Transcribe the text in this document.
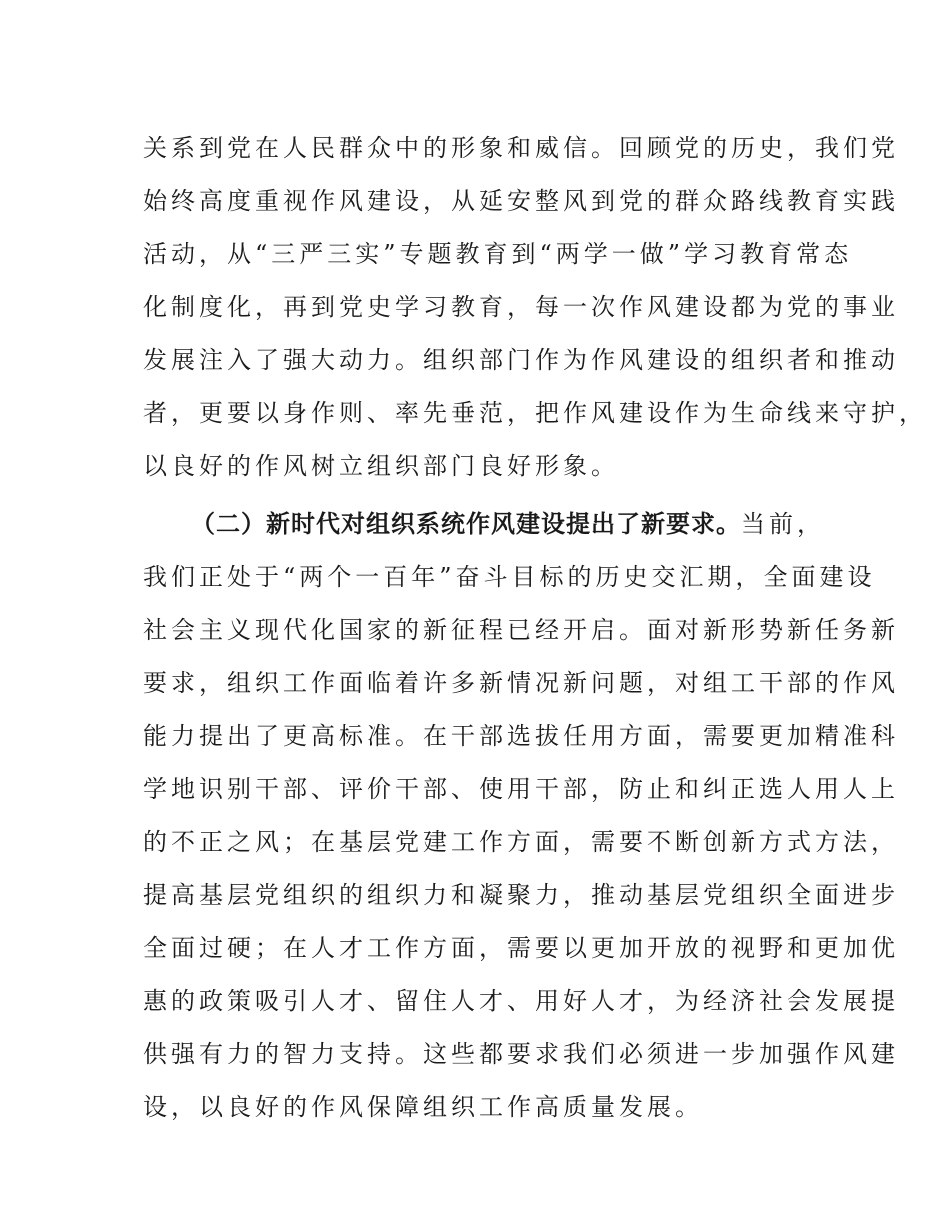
关系到党在人民群众中的形象和威信。回顾党的历史，我们党
始终高度重视作风建设，从延安整风到党的群众路线教育实践
活动，从“三严三实”专题教育到“两学一做”学习教育常态
化制度化，再到党史学习教育，每一次作风建设都为党的事业
发展注入了强大动力。组织部门作为作风建设的组织者和推动
者，更要以身作则、率先垂范，把作风建设作为生命线来守护，
以良好的作风树立组织部门良好形象。
（二）新时代对组织系统作风建设提出了新要求。当前，
我们正处于“两个一百年”奋斗目标的历史交汇期，全面建设
社会主义现代化国家的新征程已经开启。面对新形势新任务新
要求，组织工作面临着许多新情况新问题，对组工干部的作风
能力提出了更高标准。在干部选拔任用方面，需要更加精准科
学地识别干部、评价干部、使用干部，防止和纠正选人用人上
的不正之风；在基层党建工作方面，需要不断创新方式方法，
提高基层党组织的组织力和凝聚力，推动基层党组织全面进步
全面过硬；在人才工作方面，需要以更加开放的视野和更加优
惠的政策吸引人才、留住人才、用好人才，为经济社会发展提
供强有力的智力支持。这些都要求我们必须进一步加强作风建
设，以良好的作风保障组织工作高质量发展。
